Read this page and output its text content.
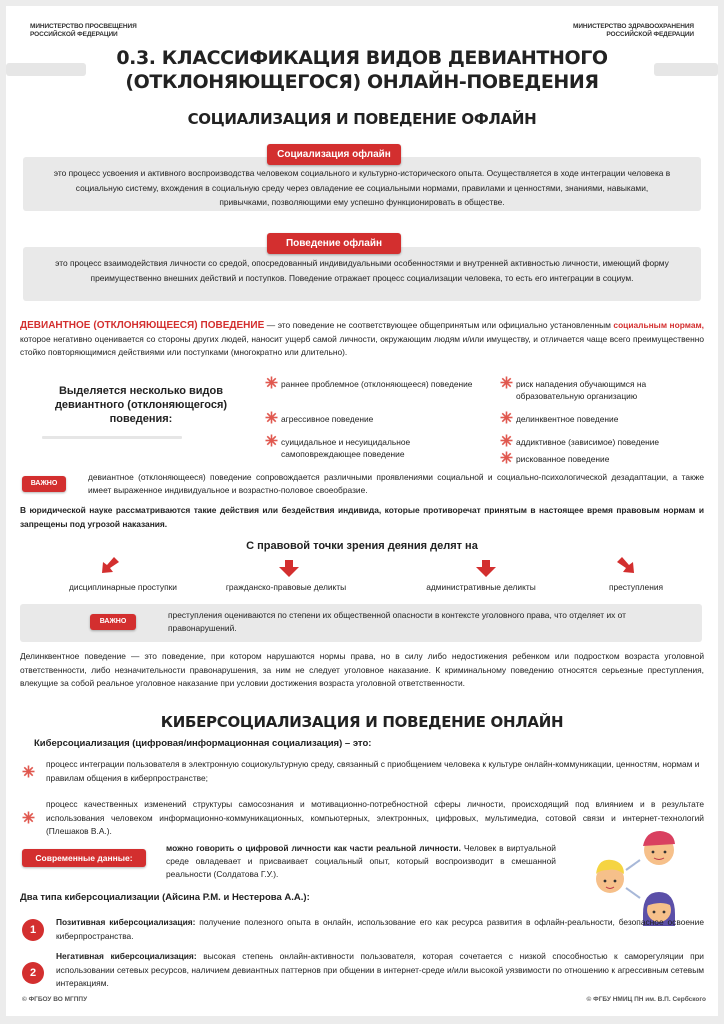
МИНИСТЕРСТВО ПРОСВЕЩЕНИЯ
РОССИЙСКОЙ ФЕДЕРАЦИИ
МИНИСТЕРСТВО ЗДРАВООХРАНЕНИЯ
РОССИЙСКОЙ ФЕДЕРАЦИИ
0.3. КЛАССИФИКАЦИЯ ВИДОВ ДЕВИАНТНОГО
(ОТКЛОНЯЮЩЕГОСЯ) ОНЛАЙН-ПОВЕДЕНИЯ
СОЦИАЛИЗАЦИЯ И ПОВЕДЕНИЕ ОФЛАЙН
это процесс усвоения и активного воспроизводства человеком социального и культурно-исторического опыта. Осуществляется в ходе интеграции человека в социальную систему, вхождения в социальную среду через овладение ее социальными нормами, правилами и ценностями, знаниями, навыками, привычками, позволяющими ему успешно функционировать в обществе.
Социализация офлайн
это процесс взаимодействия личности со средой, опосредованный индивидуальными особенностями и внутренней активностью личности, имеющий форму преимущественно внешних действий и поступков. Поведение отражает процесс социализации человека, то есть его интеграции в социум.
Поведение офлайн
ДЕВИАНТНОЕ (ОТКЛОНЯЮЩЕЕСЯ) ПОВЕДЕНИЕ — это поведение не соответствующее общепринятым или официально установленным социальным нормам, которое негативно оценивается со стороны других людей, наносит ущерб самой личности, окружающим людям и/или имуществу, и отличается чаще всего преимущественно стойко повторяющимися действиями или поступками (многократно или длительно).
Выделяется несколько видов девиантного (отклоняющегося) поведения:
раннее проблемное (отклоняющееся) поведение
агрессивное поведение
суицидальное и несуицидальное самоповреждающее поведение
риск нападения обучающимся на образовательную организацию
делинквентное поведение
аддиктивное (зависимое) поведение
рискованное поведение
ВАЖНО
девиантное (отклоняющееся) поведение сопровождается различными проявлениями социальной и социально-психологической дезадаптации, а также имеет выраженное индивидуальное и возрастно-половое своеобразие.
В юридической науке рассматриваются такие действия или бездействия индивида, которые противоречат принятым в настоящее время правовым нормам и запрещены под угрозой наказания.
С правовой точки зрения деяния делят на
дисциплинарные проступки	гражданско-правовые деликты	административные деликты	преступления
ВАЖНО
преступления оцениваются по степени их общественной опасности в контексте уголовного права, что отделяет их от правонарушений.
Делинквентное поведение — это поведение, при котором нарушаются нормы права, но в силу либо недостижения ребенком или подростком возраста уголовной ответственности, либо незначительности правонарушения, за ним не следует уголовное наказание. К криминальному поведению относятся серьезные преступления, влекущие за собой реальное уголовное наказание при условии достижения возраста уголовной ответственности.
КИБЕРСОЦИАЛИЗАЦИЯ И ПОВЕДЕНИЕ ОНЛАЙН
Киберсоциализация (цифровая/информационная социализация) – это:
процесс интеграции пользователя в электронную социокультурную среду, связанный с приобщением человека к культуре онлайн-коммуникации, ценностям, нормам и правилам общения в киберпространстве;
процесс качественных изменений структуры самосознания и мотивационно-потребностной сферы личности, происходящий под влиянием и в результате использования человеком информационно-коммуникационных, компьютерных, электронных, цифровых, мультимедиа, сотовой связи и интернет-технологий (Плешаков В.А.).
Современные данные:
можно говорить о цифровой личности как части реальной личности. Человек в виртуальной среде овладевает и присваивает социальный опыт, который воспроизводит в смешанной реальности (Солдатова Г.У.).
Два типа киберсоциализации (Айсина Р.М. и Нестерова А.А.):
1
Позитивная киберсоциализация: получение полезного опыта в онлайн, использование его как ресурса развития в офлайн-реальности, безопасное освоение киберпространства.
2
Негативная киберсоциализация: высокая степень онлайн-активности пользователя, которая сочетается с низкой способностью к саморегуляции при использовании сетевых ресурсов, наличием девиантных паттернов при общении в интернет-среде и/или высокой уязвимости по отношению к агрессивным сетевым интеракциям.
© ФГБОУ ВО МГППУ	© ФГБУ НМИЦ ПН им. В.П. Сербского
